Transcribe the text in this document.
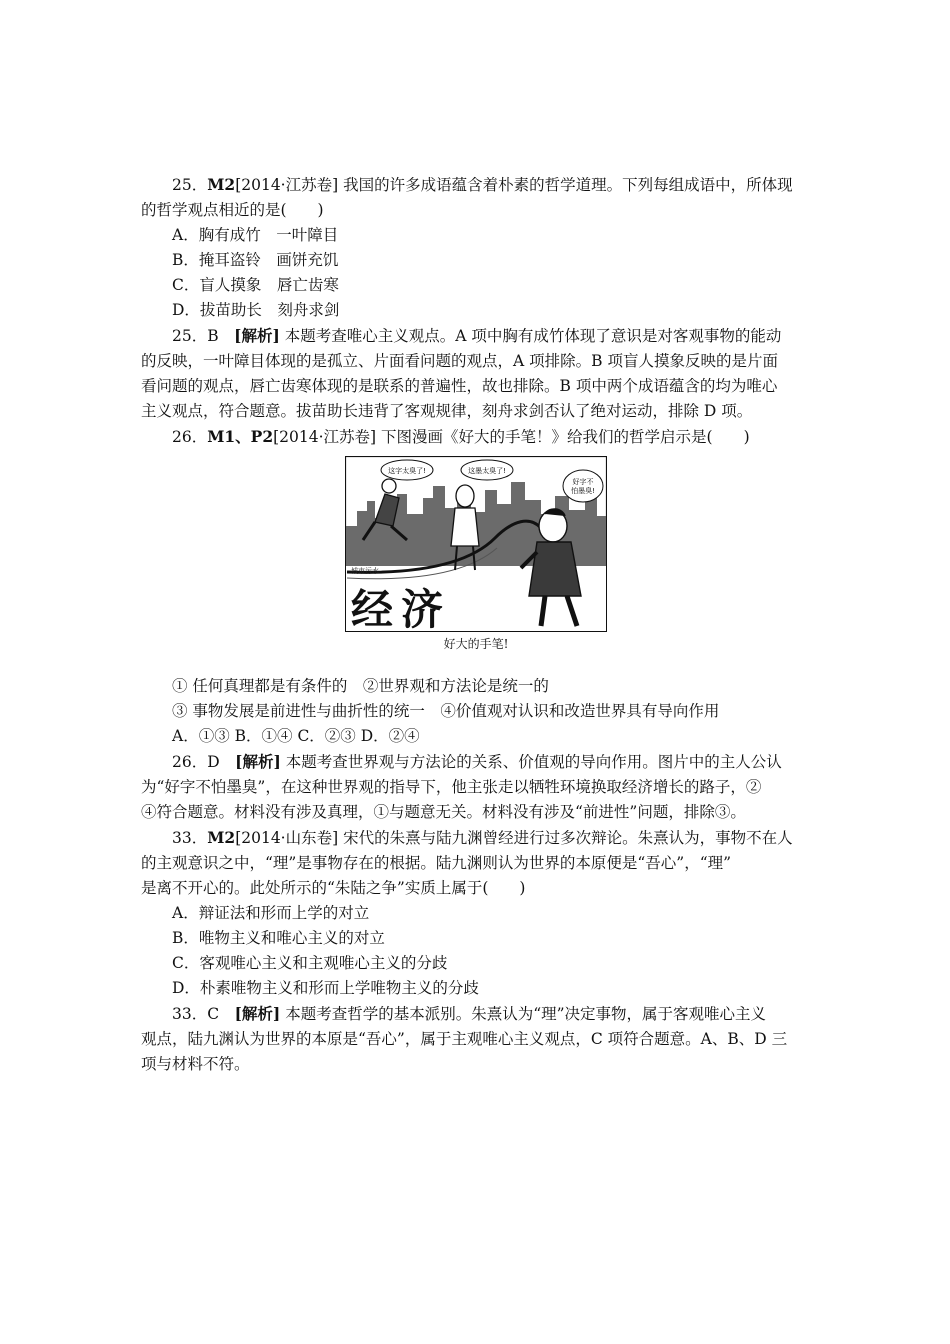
25．M2[2014·江苏卷] 我国的许多成语蕴含着朴素的哲学道理。下列每组成语中，所体现

的哲学观点相近的是(　　)

A．胸有成竹　一叶障目

B．掩耳盗铃　画饼充饥

C．盲人摸象　唇亡齿寒

D．拔苗助长　刻舟求剑

25．B　[解析] 本题考查唯心主义观点。A 项中胸有成竹体现了意识是对客观事物的能动
的反映，一叶障目体现的是孤立、片面看问题的观点，A 项排除。B 项盲人摸象反映的是片面
看问题的观点，唇亡齿寒体现的是联系的普遍性，故也排除。B 项中两个成语蕴含的均为唯心
主义观点，符合题意。拔苗助长违背了客观规律，刻舟求剑否认了绝对运动，排除 D 项。

26．M1、P2[2014·江苏卷] 下图漫画《好大的手笔！》给我们的哲学启示是(　　)

城市污水
经济
这字太臭了!	这墨太臭了!
好字不
怕墨臭!
好大的手笔!

① 任何真理都是有条件的　②世界观和方法论是统一的

③ 事物发展是前进性与曲折性的统一　④价值观对认识和改造世界具有导向作用

A．①③ B．①④ C．②③ D．②④

26．D　[解析] 本题考查世界观与方法论的关系、价值观的导向作用。图片中的主人公认
为“好字不怕墨臭”，在这种世界观的指导下，他主张走以牺牲环境换取经济增长的路子，②
④符合题意。材料没有涉及真理，①与题意无关。材料没有涉及“前进性”问题，排除③。

33．M2[2014·山东卷] 宋代的朱熹与陆九渊曾经进行过多次辩论。朱熹认为，事物不在人
的主观意识之中，“理”是事物存在的根据。陆九渊则认为世界的本原便是“吾心”，“理”
是离不开心的。此处所示的“朱陆之争”实质上属于(　　)

A．辩证法和形而上学的对立

B．唯物主义和唯心主义的对立

C．客观唯心主义和主观唯心主义的分歧

D．朴素唯物主义和形而上学唯物主义的分歧

33．C　[解析] 本题考查哲学的基本派别。朱熹认为“理”决定事物，属于客观唯心主义
观点，陆九渊认为世界的本原是“吾心”，属于主观唯心主义观点，C 项符合题意。A、B、D 三
项与材料不符。
